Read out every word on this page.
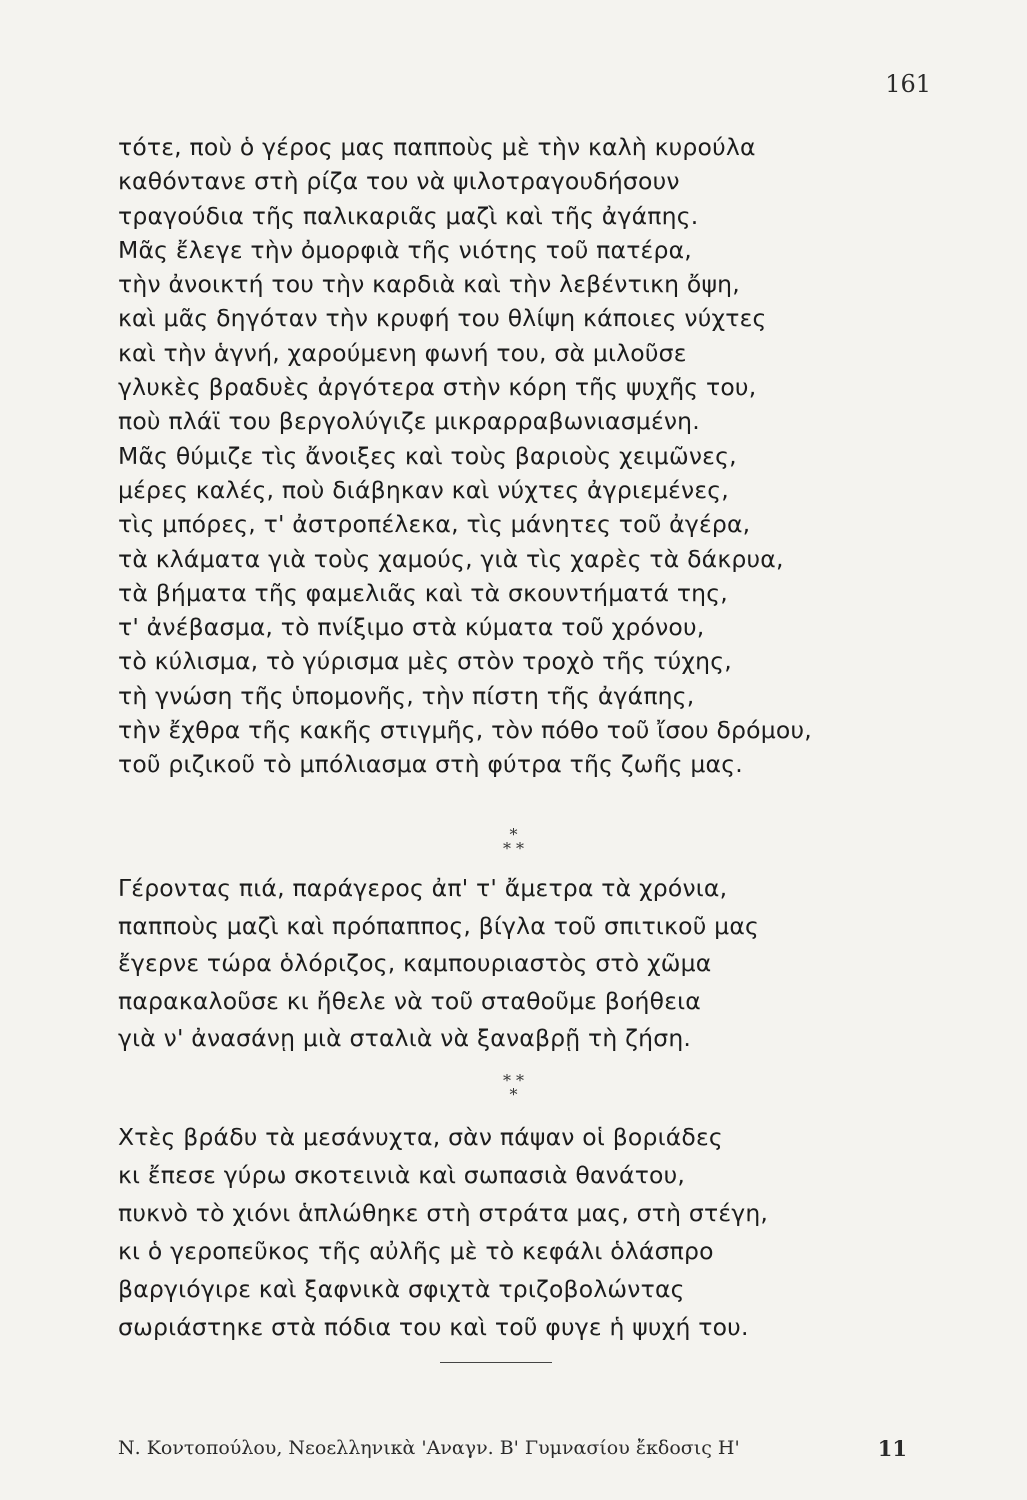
161
τότε, ποὺ ὁ γέρος μας παπποὺς μὲ τὴν καλὴ κυρούλα
καθόντανε στὴ ρίζα του νὰ ψιλοτραγουδήσουν
τραγούδια τῆς παλικαριᾶς μαζὶ καὶ τῆς ἀγάπης.
Μᾶς ἔλεγε τὴν ὀμορφιὰ τῆς νιότης τοῦ πατέρα,
τὴν ἀνοικτή του τὴν καρδιὰ καὶ τὴν λεβέντικη ὄψη,
καὶ μᾶς δηγόταν τὴν κρυφή του θλίψη κάποιες νύχτες
καὶ τὴν ἁγνή, χαρούμενη φωνή του, σὰ μιλοῦσε
γλυκὲς βραδυὲς ἀργότερα στὴν κόρη τῆς ψυχῆς του,
ποὺ πλάϊ του βεργολύγιζε μικραρραβωνιασμένη.
Μᾶς θύμιζε τὶς ἄνοιξες καὶ τοὺς βαριοὺς χειμῶνες,
μέρες καλές, ποὺ διάβηκαν καὶ νύχτες ἀγριεμένες,
τὶς μπόρες, τ' ἀστροπέλεκα, τὶς μάνητες τοῦ ἀγέρα,
τὰ κλάματα γιὰ τοὺς χαμούς, γιὰ τὶς χαρὲς τὰ δάκρυα,
τὰ βήματα τῆς φαμελιᾶς καὶ τὰ σκουντήματά της,
τ' ἀνέβασμα, τὸ πνίξιμο στὰ κύματα τοῦ χρόνου,
τὸ κύλισμα, τὸ γύρισμα μὲς στὸν τροχὸ τῆς τύχης,
τὴ γνώση τῆς ὑπομονῆς, τὴν πίστη τῆς ἀγάπης,
τὴν ἔχθρα τῆς κακῆς στιγμῆς, τὸν πόθο τοῦ ἴσου δρόμου,
τοῦ ριζικοῦ τὸ μπόλιασμα στὴ φύτρα τῆς ζωῆς μας.
*
* *
Γέροντας πιά, παράγερος ἀπ' τ' ἄμετρα τὰ χρόνια,
παπποὺς μαζὶ καὶ πρόπαππος, βίγλα τοῦ σπιτικοῦ μας
ἔγερνε τώρα ὁλόριζος, καμπουριαστὸς στὸ χῶμα
παρακαλοῦσε κι ἤθελε νὰ τοῦ σταθοῦμε βοήθεια
γιὰ ν' ἀνασάνῃ μιὰ σταλιὰ νὰ ξαναβρῇ τὴ ζήση.
* *
*
Χτὲς βράδυ τὰ μεσάνυχτα, σὰν πάψαν οἱ βοριάδες
κι ἔπεσε γύρω σκοτεινιὰ καὶ σωπασιὰ θανάτου,
πυκνὸ τὸ χιόνι ἁπλώθηκε στὴ στράτα μας, στὴ στέγη,
κι ὁ γεροπεῦκος τῆς αὐλῆς μὲ τὸ κεφάλι ὁλάσπρο
βαργιόγιρε καὶ ξαφνικὰ σφιχτὰ τριζοβολώντας
σωριάστηκε στὰ πόδια του καὶ τοῦ φυγε ἡ ψυχή του.
Ν. Κοντοπούλου, Νεοελληνικὰ 'Αναγν. Β' Γυμνασίου ἔκδοσις Η'	11
